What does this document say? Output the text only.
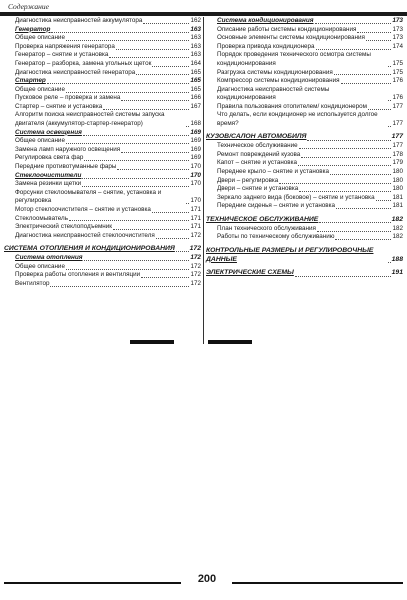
Содержание
Диагностика неисправностей аккумулятора	162
Генератор	163
Общее описание	163
Проверка напряжения генератора	163
Генератор – снятие и установка	163
Генератор – разборка, замена угольных щеток	164
Диагностика неисправностей генератора	165
Стартер	165
Общее описание	165
Пусковое реле – проверка и замена	166
Стартер – снятие и установка	167
Алгоритм поиска неисправностей системы запуска двигателя (аккумулятор-стартер-генератор)	168
Система освещения	169
Общее описание	169
Замена ламп наружного освещения	169
Регулировка света фар	169
Передние противотуманные фары	170
Стеклоочистители	170
Замена резинки щетки	170
Форсунки стеклоомывателя – снятие, установка и регулировка	170
Мотор стеклоочистителя – снятие и установка	171
Стеклоомыватель	171
Электрический стеклоподъемник	171
Диагностика неисправностей стеклоочистителя	172
СИСТЕМА ОТОПЛЕНИЯ И КОНДИЦИОНИРОВАНИЯ 172
Система отопления	172
Общее описание	172
Проверка работы отопления и вентиляции	172
Вентилятор	172
Система кондиционирования	173
Описание работы системы кондиционирования	173
Основные элементы системы кондиционирования	173
Проверка привода кондиционера	174
Порядок проведения технического осмотра системы кондиционирования	175
Разгрузка системы кондиционирования	175
Компрессор системы кондиционирования	176
Диагностика неисправностей системы кондиционирования	176
Правила пользования отопителем/ кондиционером	177
Что делать, если кондиционер не используется долгое время?	177
КУЗОВ/САЛОН АВТОМОБИЛЯ	177
Техническое обслуживание	177
Ремонт повреждений кузова	178
Капот – снятие и установка	179
Переднее крыло – снятие и установка	180
Двери – регулировка	180
Двери – снятие и установка	180
Зеркало заднего вида (боковое) – снятие и установка	181
Передние сиденья – снятие и установка	181
ТЕХНИЧЕСКОЕ ОБСЛУЖИВАНИЕ	182
План технического обслуживания	182
Работы по техническому обслуживанию	182
КОНТРОЛЬНЫЕ РАЗМЕРЫ И РЕГУЛИРОВОЧНЫЕ ДАННЫЕ	188
ЭЛЕКТРИЧЕСКИЕ СХЕМЫ	191
200
